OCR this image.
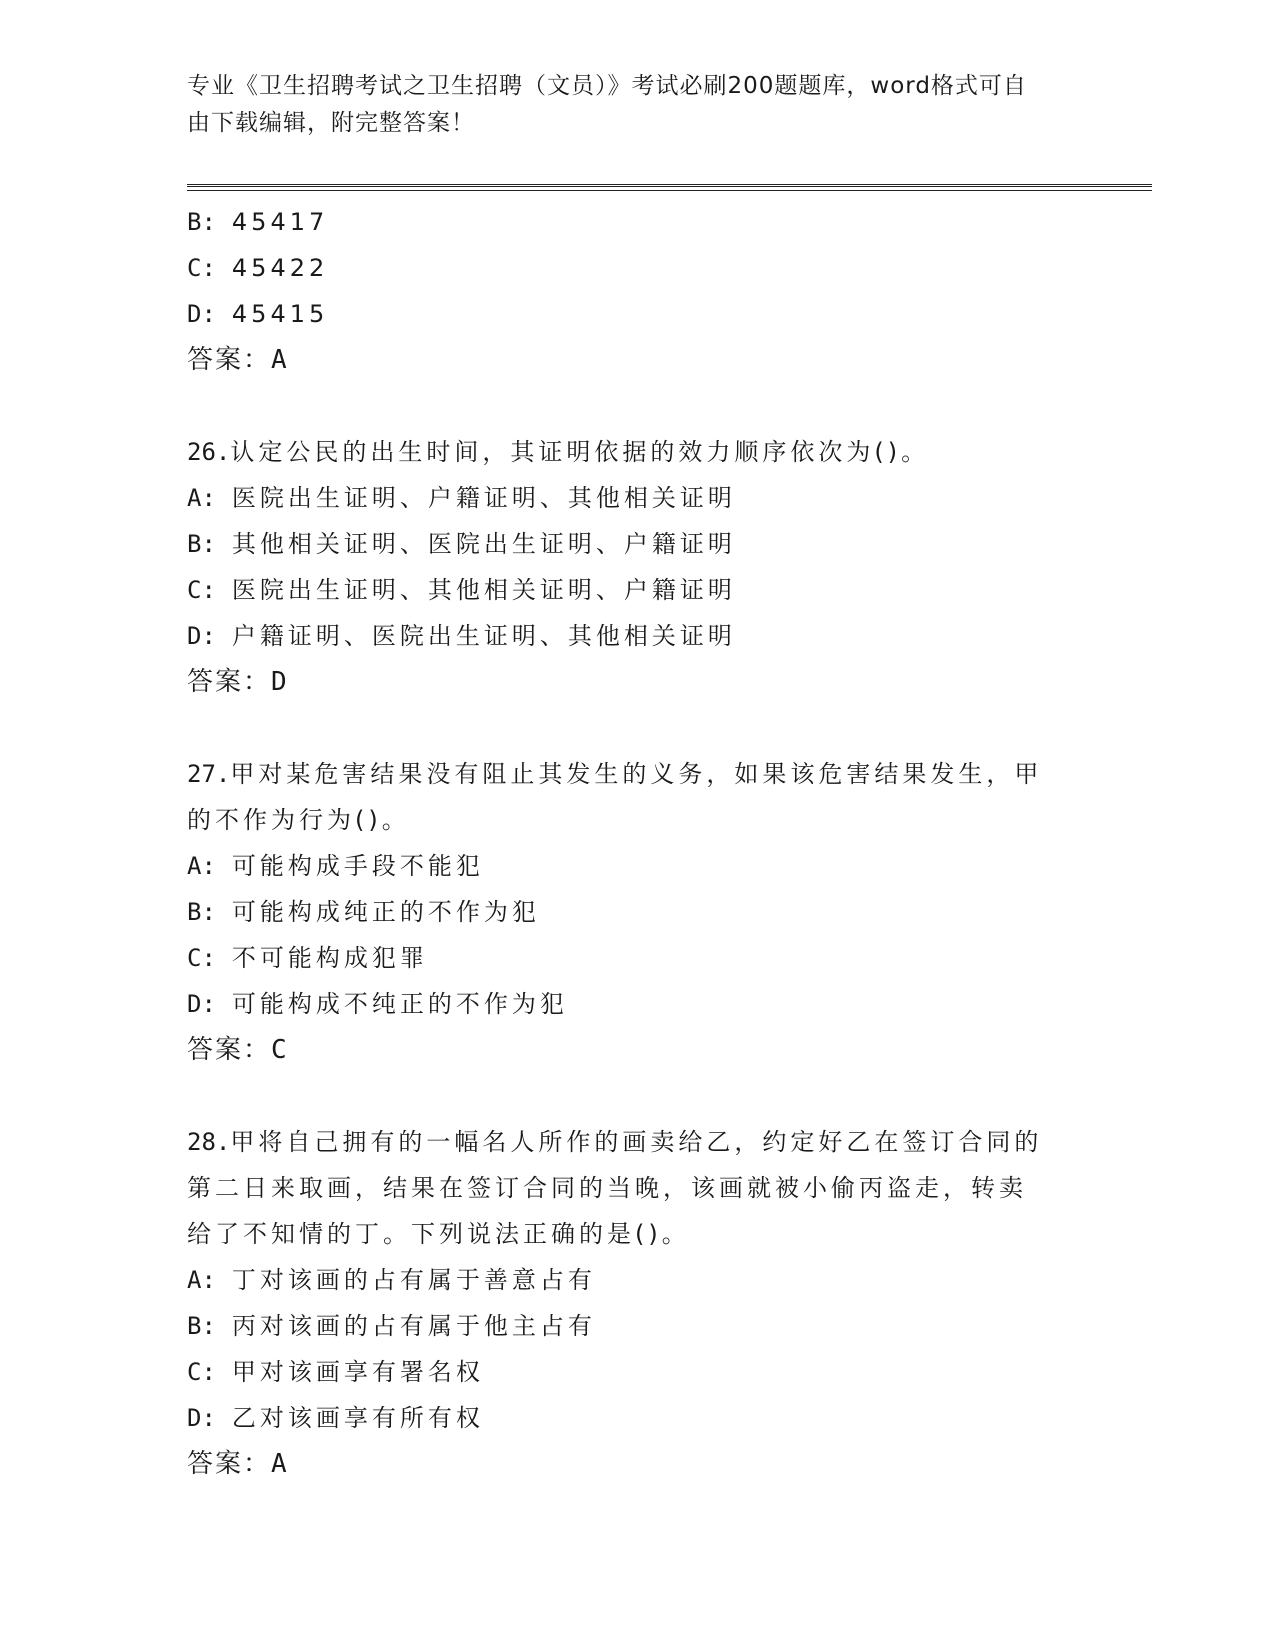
专业《卫生招聘考试之卫生招聘（文员）》考试必刷200题题库，word格式可自

由下载编辑，附完整答案！

B: 45417

C: 45422

D: 45415

答案：A

26.认定公民的出生时间，其证明依据的效力顺序依次为()。

A: 医院出生证明、户籍证明、其他相关证明

B: 其他相关证明、医院出生证明、户籍证明

C: 医院出生证明、其他相关证明、户籍证明

D: 户籍证明、医院出生证明、其他相关证明

答案：D

27.甲对某危害结果没有阻止其发生的义务，如果该危害结果发生，甲

的不作为行为()。

A: 可能构成手段不能犯

B: 可能构成纯正的不作为犯

C: 不可能构成犯罪

D: 可能构成不纯正的不作为犯

答案：C

28.甲将自己拥有的一幅名人所作的画卖给乙，约定好乙在签订合同的

第二日来取画，结果在签订合同的当晚，该画就被小偷丙盗走，转卖

给了不知情的丁。下列说法正确的是()。

A: 丁对该画的占有属于善意占有

B: 丙对该画的占有属于他主占有

C: 甲对该画享有署名权

D: 乙对该画享有所有权

答案：A
